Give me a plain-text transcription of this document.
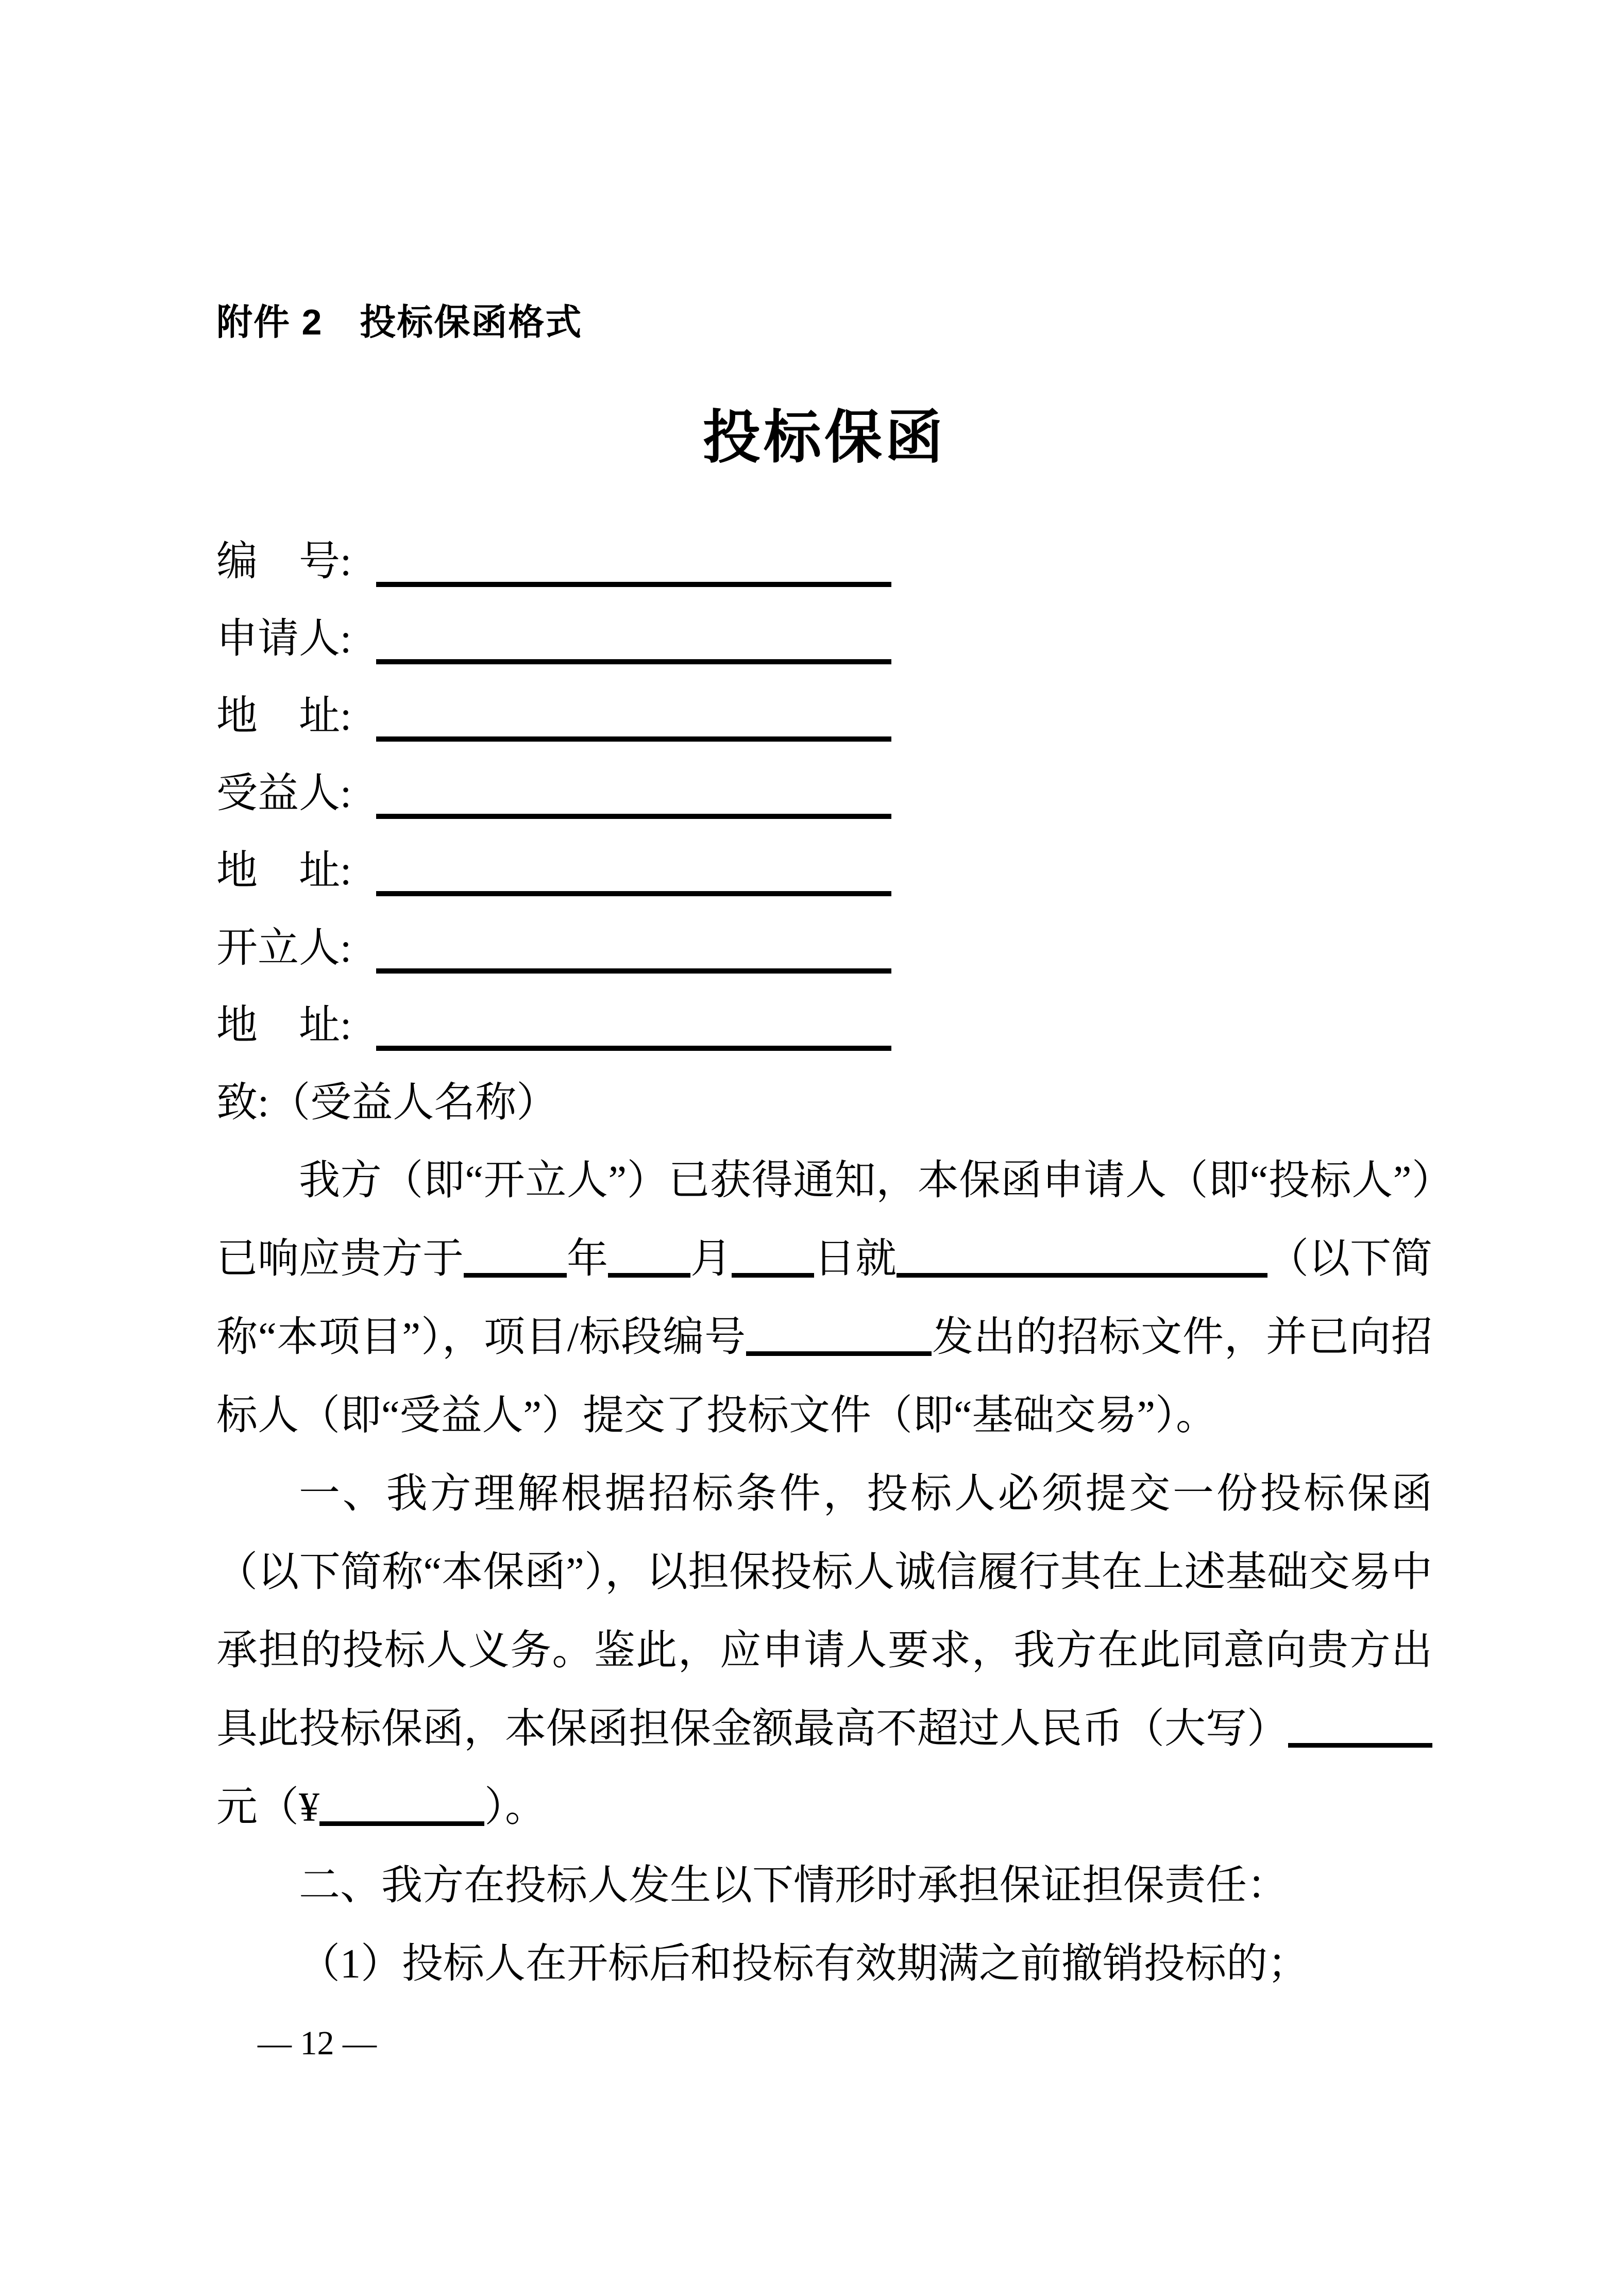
附件 2　投标保函格式
投标保函
编　号:
申请人:
地　址:
受益人:
地　址:
开立人:
地　址:
致:（受益人名称）

我方（即“开立人”）已获得通知，本保函申请人（即“投标人”）已响应贵方于	年 月 日就	（以下简称“本项目”），项目/标段编号	发出的招标文件，并已向招标人（即“受益人”）提交了投标文件（即“基础交易”）。

一、我方理解根据招标条件，投标人必须提交一份投标保函（以下简称“本保函”），以担保投标人诚信履行其在上述基础交易中承担的投标人义务。鉴此，应申请人要求，我方在此同意向贵方出具此投标保函，本保函担保金额最高不超过人民币（大写）元（¥	）。

二、我方在投标人发生以下情形时承担保证担保责任：

（1）投标人在开标后和投标有效期满之前撤销投标的；

— 12 —
